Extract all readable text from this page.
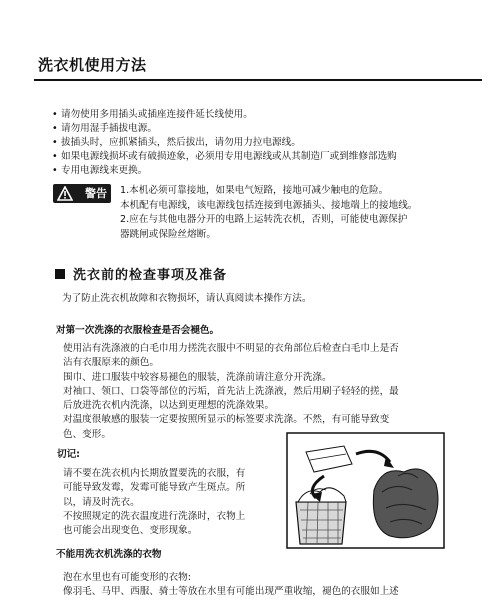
洗衣机使用方法
• 请勿使用多用插头或插座连接件延长线使用。
• 请勿用湿手插拔电源。
• 拔插头时，应抓紧插头，然后拔出，请勿用力拉电源线。
• 如果电源线损坏或有破损迹象，必须用专用电源线或从其制造厂或到维修部选购
• 专用电源线来更换。
警告	1.本机必须可靠接地，如果电气短路，接地可减少触电的危险。

本机配有电源线，该电源线包括连接到电源插头、接地端上的接地线。

2.应在与其他电器分开的电路上运转洗衣机，否则，可能使电源保护

器跳闸或保险丝熔断。

洗衣前的检查事项及准备
为了防止洗衣机故障和衣物损坏，请认真阅读本操作方法。
对第一次洗涤的衣服检查是否会褪色。

使用沾有洗涤液的白毛巾用力搓洗衣服中不明显的衣角部位后检查白毛巾上是否

沾有衣服原来的颜色。

围巾、进口服装中较容易褪色的服装，洗涤前请注意分开洗涤。

对袖口、领口、口袋等部位的污垢，首先沾上洗涤液，然后用刷子轻轻的搓，最

后放进洗衣机内洗涤，以达到更理想的洗涤效果。

对温度很敏感的服装一定要按照所显示的标签要求洗涤。不然，有可能导致变

色、变形。

切记:

请不要在洗衣机内长期放置要洗的衣服，有

可能导致发霉，发霉可能导致产生斑点。所

以，请及时洗衣。

不按照规定的洗衣温度进行洗涤时，衣物上

也可能会出现变色、变形现象。

不能用洗衣机洗涤的衣物

泡在水里也有可能变形的衣物:

像羽毛、马甲、西服、骑士等放在水里有可能出现严重收缩，褪色的衣服如上述
